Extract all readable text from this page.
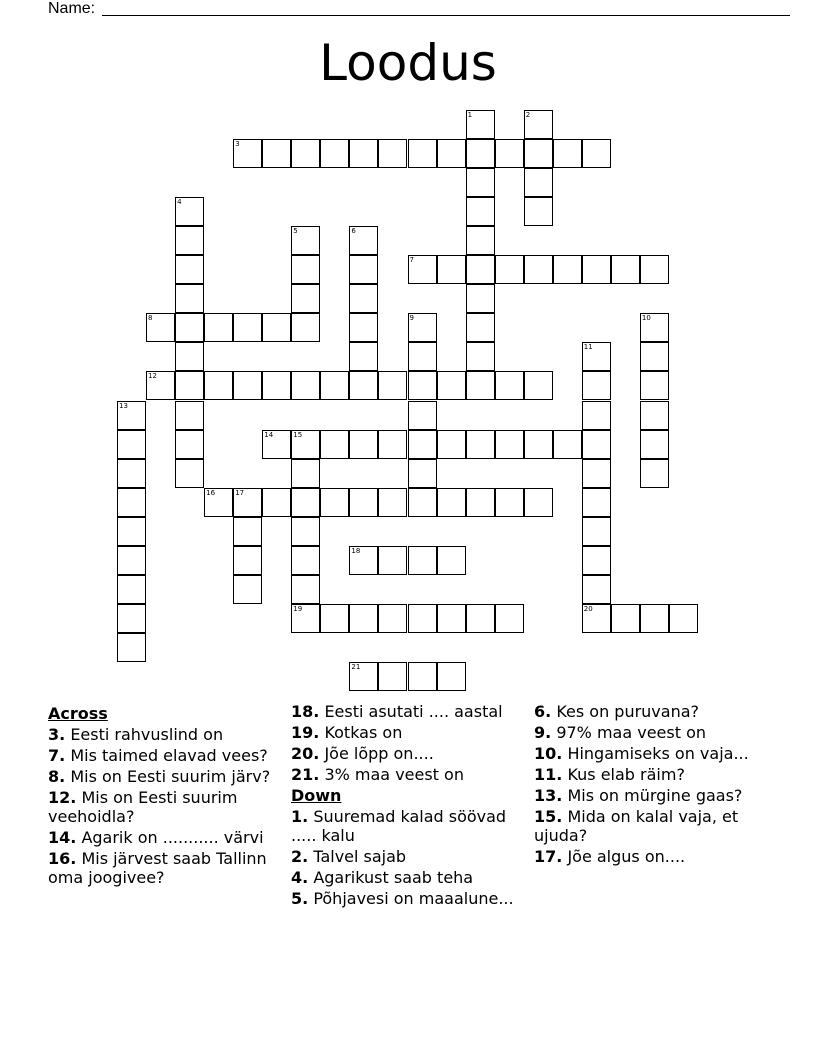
Name:
Loodus
3
7
8
12
14	15
16	17
18
19	20
21
1	2
4
5	6
9	10
11
13
Across
3. Eesti rahvuslind on
7. Mis taimed elavad vees?
8. Mis on Eesti suurim järv?
12. Mis on Eesti suurim veehoidla?
14. Agarik on ........... värvi
16. Mis järvest saab Tallinn oma joogivee?
18. Eesti asutati .... aastal
19. Kotkas on
20. Jõe lõpp on....
21. 3% maa veest on
Down
1. Suuremad kalad söövad ..... kalu
2. Talvel sajab
4. Agarikust saab teha
5. Põhjavesi on maaalune...
6. Kes on puruvana?
9. 97% maa veest on
10. Hingamiseks on vaja...
11. Kus elab räim?
13. Mis on mürgine gaas?
15. Mida on kalal vaja, et ujuda?
17. Jõe algus on....
